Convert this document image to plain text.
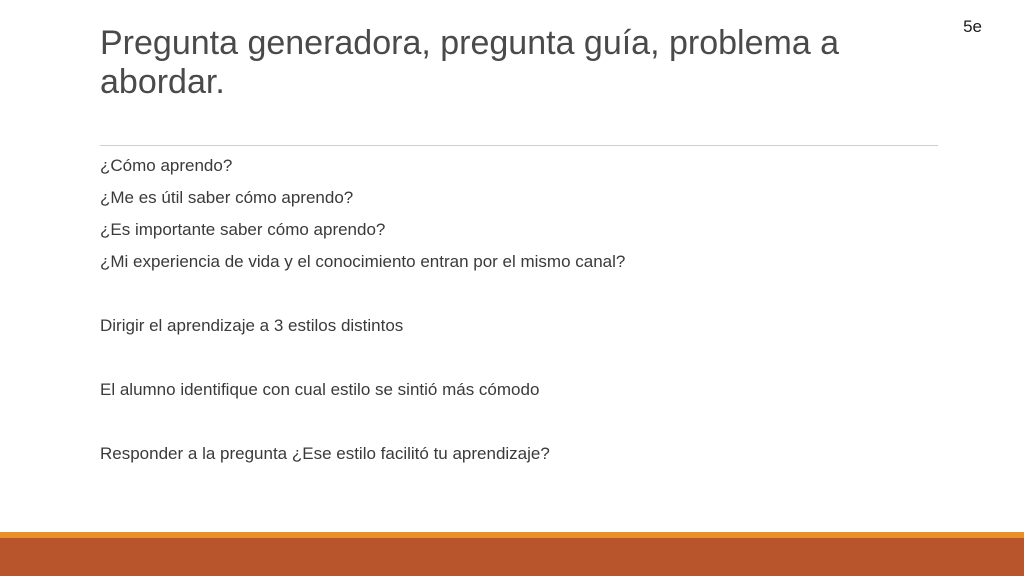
5e
Pregunta generadora, pregunta guía, problema a abordar.
¿Cómo aprendo?
¿Me es útil saber cómo aprendo?
¿Es importante saber cómo aprendo?
¿Mi experiencia de vida y el conocimiento entran por el mismo canal?
Dirigir el aprendizaje a 3 estilos distintos
El alumno identifique con cual estilo se sintió más cómodo
Responder a la pregunta ¿Ese estilo facilitó tu aprendizaje?
